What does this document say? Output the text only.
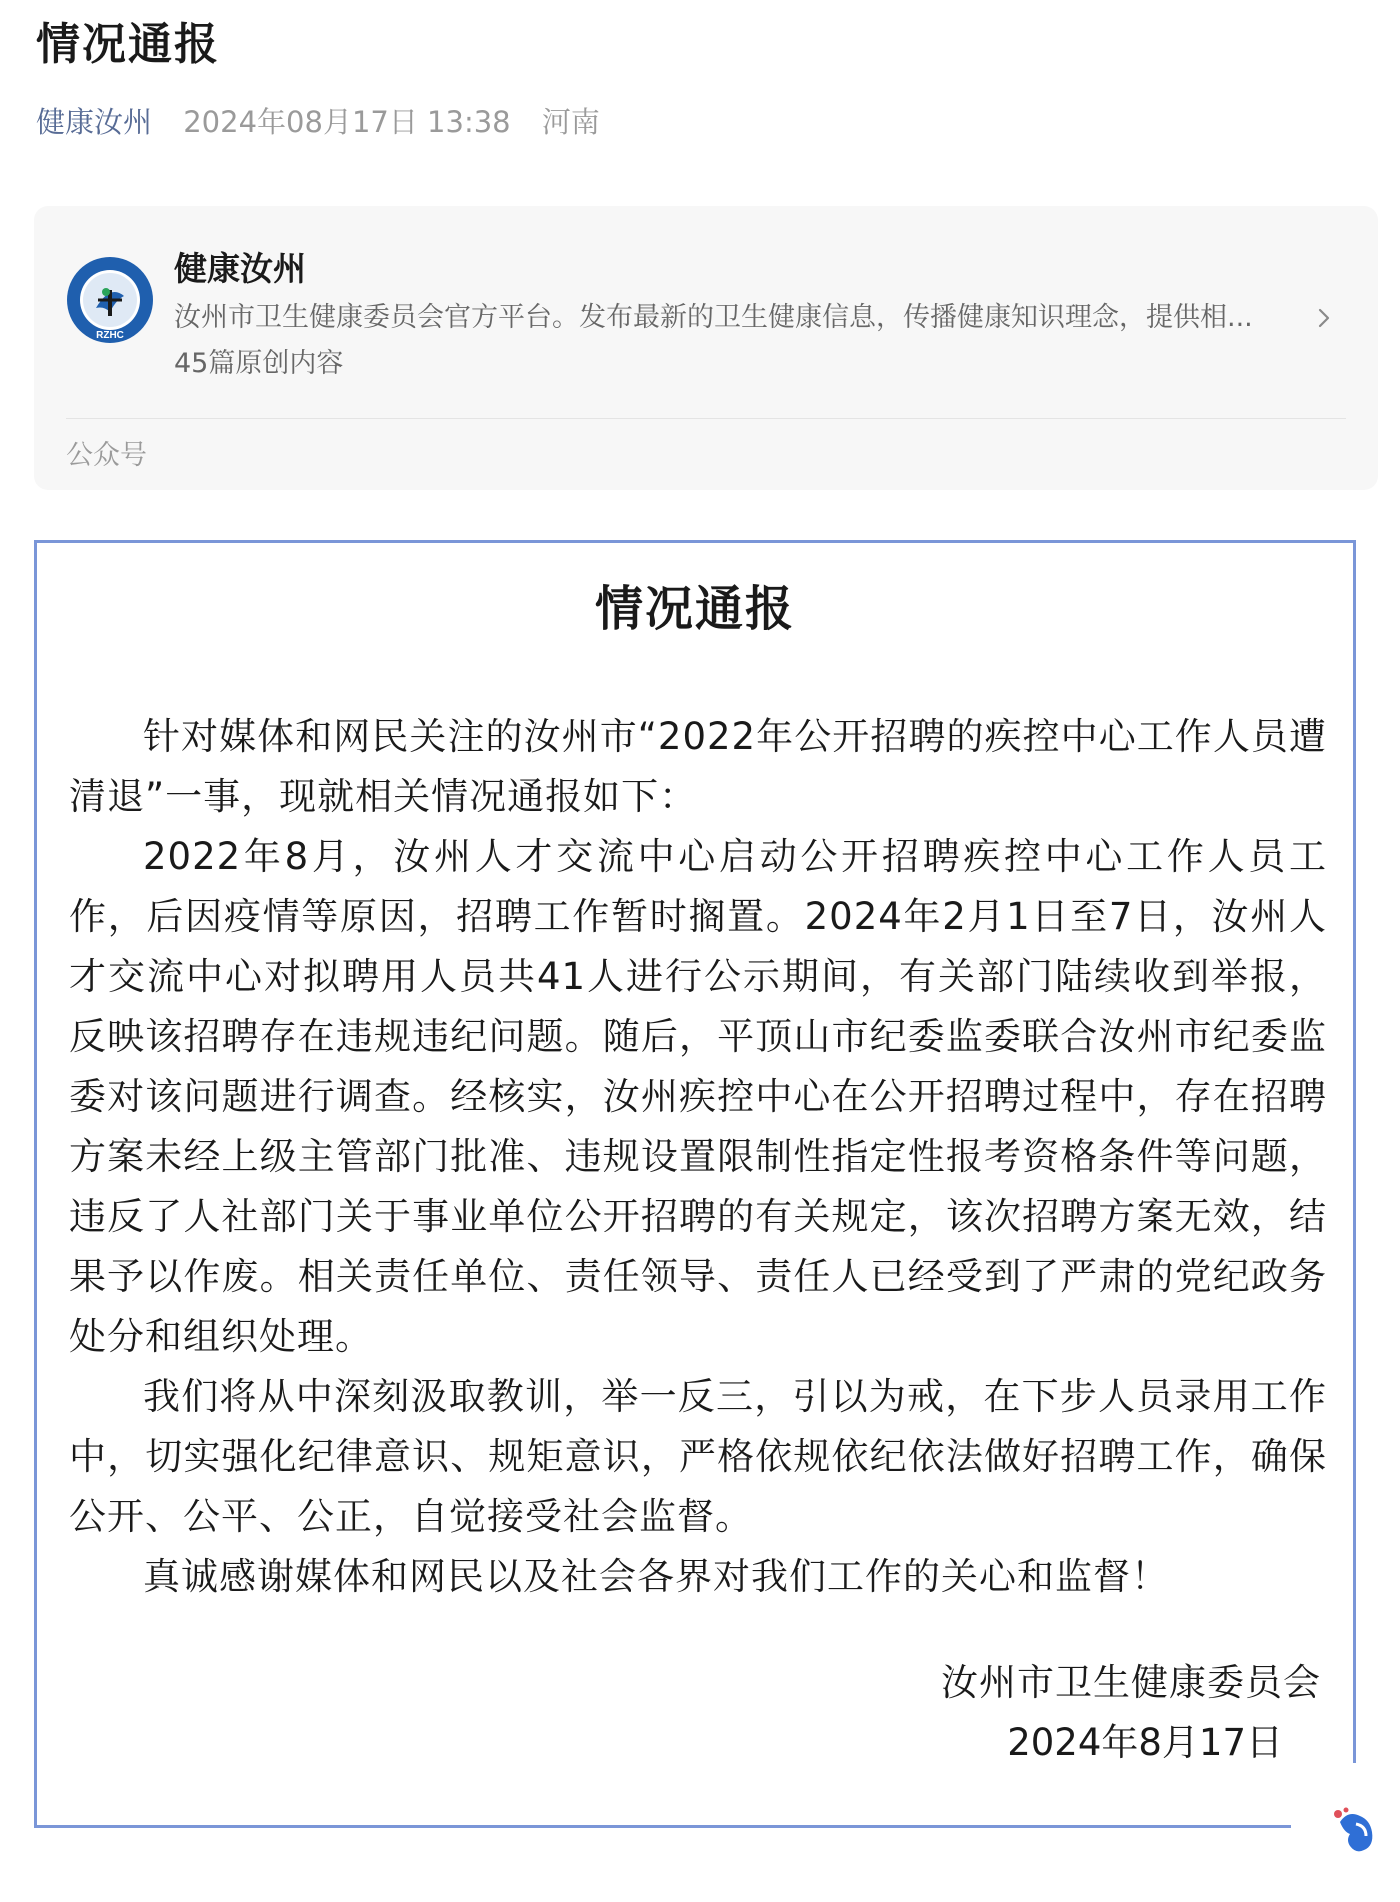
情况通报
健康汝州 2024年08月17日 13:38 河南
RZHC
健康汝州
汝州市卫生健康委员会官方平台。发布最新的卫生健康信息，传播健康知识理念，提供相...
45篇原创内容
公众号
情况通报

针对媒体和网民关注的汝州市“2022年公开招聘的疾控中心工作人员遭清退”一事，现就相关情况通报如下：

2022年8月，汝州人才交流中心启动公开招聘疾控中心工作人员工作，后因疫情等原因，招聘工作暂时搁置。2024年2月1日至7日，汝州人才交流中心对拟聘用人员共41人进行公示期间，有关部门陆续收到举报，反映该招聘存在违规违纪问题。随后，平顶山市纪委监委联合汝州市纪委监委对该问题进行调查。经核实，汝州疾控中心在公开招聘过程中，存在招聘方案未经上级主管部门批准、违规设置限制性指定性报考资格条件等问题，违反了人社部门关于事业单位公开招聘的有关规定，该次招聘方案无效，结果予以作废。相关责任单位、责任领导、责任人已经受到了严肃的党纪政务处分和组织处理。

我们将从中深刻汲取教训，举一反三，引以为戒，在下步人员录用工作中，切实强化纪律意识、规矩意识，严格依规依纪依法做好招聘工作，确保公开、公平、公正，自觉接受社会监督。

真诚感谢媒体和网民以及社会各界对我们工作的关心和监督！

汝州市卫生健康委员会
2024年8月17日
